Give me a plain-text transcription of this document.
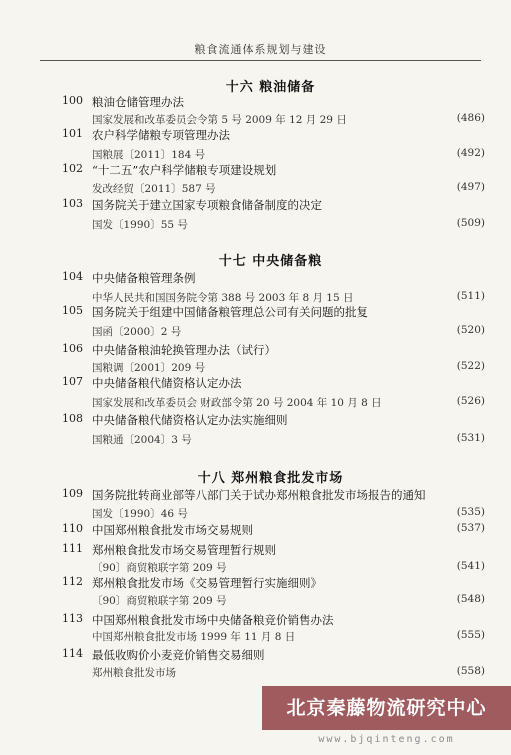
粮食流通体系规划与建设
十六 粮油储备
100 粮油仓储管理办法
国家发展和改革委员会令第 5 号 2009 年 12 月 29 日	(486)
101 农户科学储粮专项管理办法
国粮展〔2011〕184 号	(492)
102 “十二五”农户科学储粮专项建设规划
发改经贸〔2011〕587 号	(497)
103 国务院关于建立国家专项粮食储备制度的决定
国发〔1990〕55 号	(509)
十七 中央储备粮
104 中央储备粮管理条例
中华人民共和国国务院令第 388 号 2003 年 8 月 15 日	(511)
105 国务院关于组建中国储备粮管理总公司有关问题的批复
国函〔2000〕2 号	(520)
106 中央储备粮油轮换管理办法（试行）
国粮调〔2001〕209 号	(522)
107 中央储备粮代储资格认定办法
国家发展和改革委员会 财政部令第 20 号 2004 年 10 月 8 日	(526)
108 中央储备粮代储资格认定办法实施细则
国粮通〔2004〕3 号	(531)
十八 郑州粮食批发市场
109 国务院批转商业部等八部门关于试办郑州粮食批发市场报告的通知
国发〔1990〕46 号	(535)
110 中国郑州粮食批发市场交易规则	(537)
111 郑州粮食批发市场交易管理暂行规则
〔90〕商贸粮联字第 209 号	(541)
112 郑州粮食批发市场《交易管理暂行实施细则》
〔90〕商贸粮联字第 209 号	(548)
113 中国郑州粮食批发市场中央储备粮竞价销售办法
中国郑州粮食批发市场 1999 年 11 月 8 日	(555)
114 最低收购价小麦竞价销售交易细则
郑州粮食批发市场	(558)
北京秦藤物流研究中心
www.bjqinteng.com
